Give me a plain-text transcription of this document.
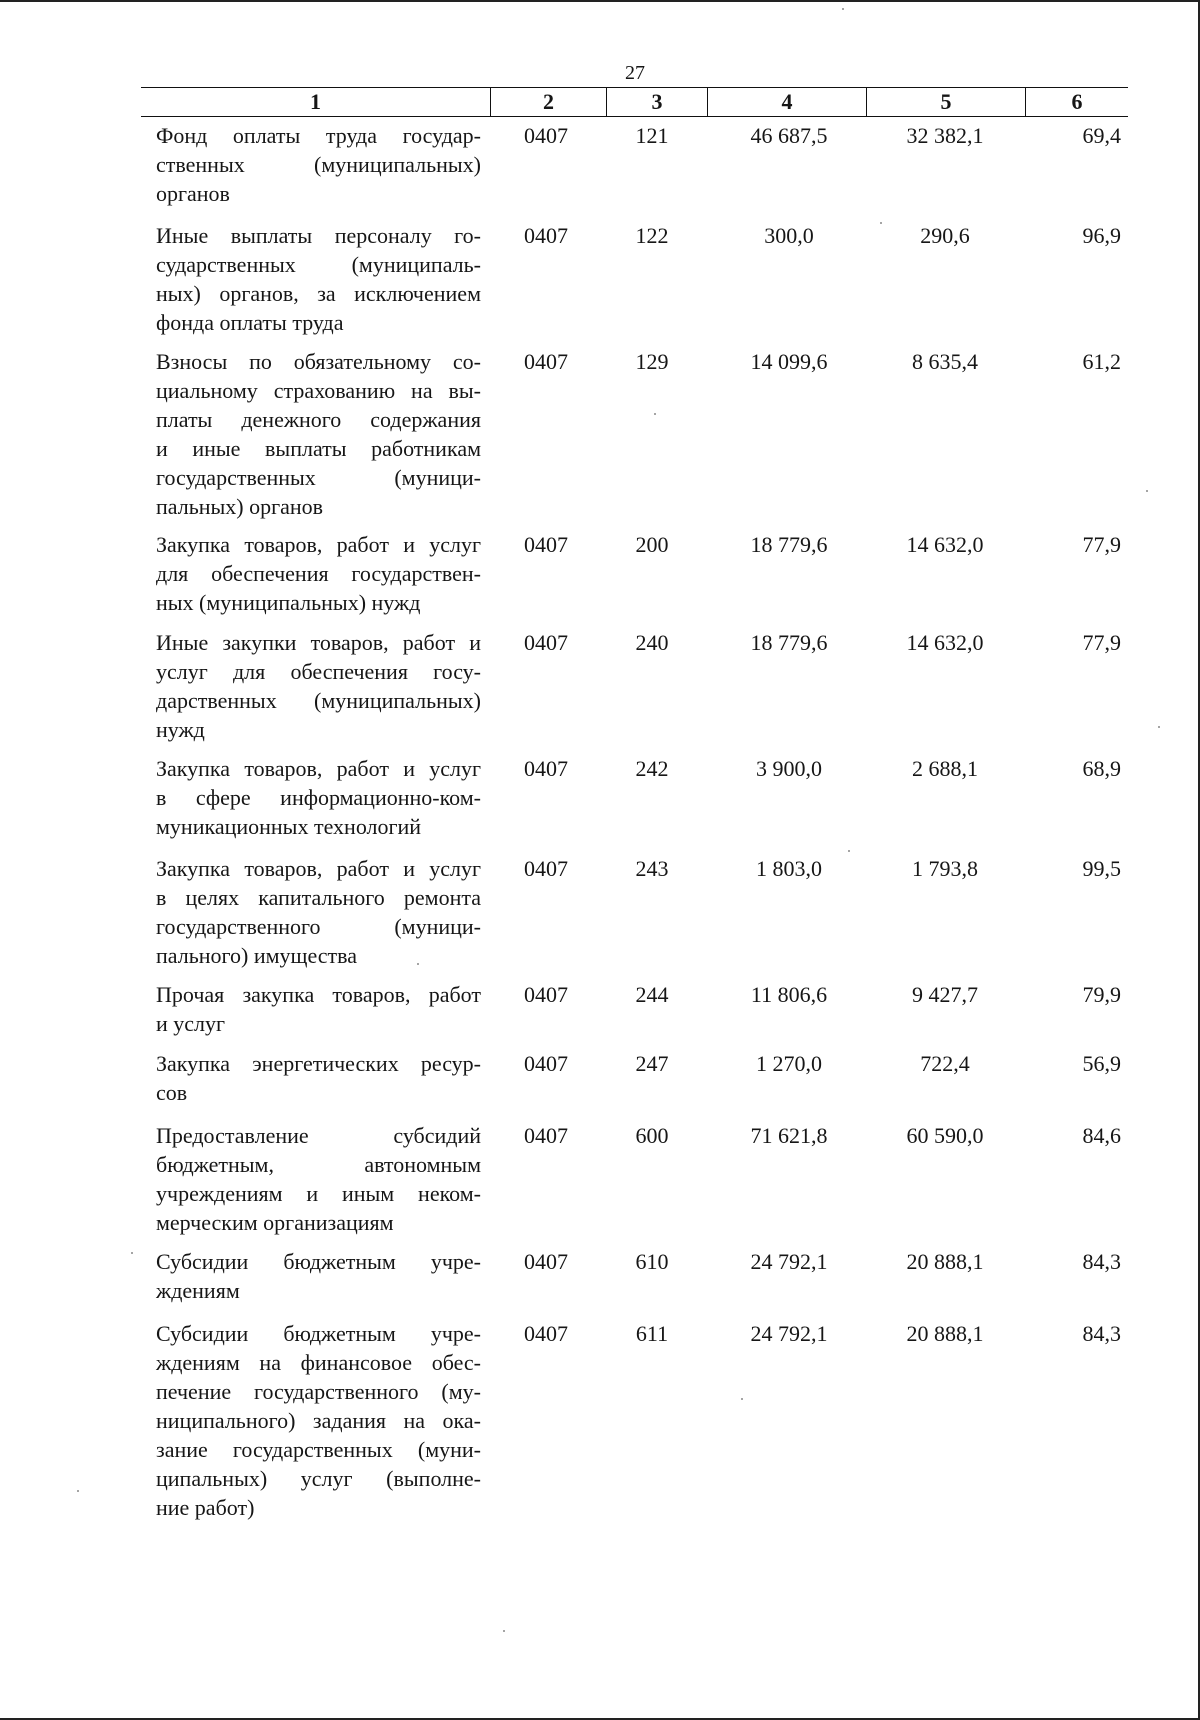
27
1	2	3	4	5	6
Фонд оплаты труда государ-
ственных (муниципальных)
органов
0407	121	46 687,5	32 382,1	69,4
Иные выплаты персоналу го-
сударственных (муниципаль-
ных) органов, за исключением
фонда оплаты труда
0407	122	300,0	290,6	96,9
Взносы по обязательному со-
циальному страхованию на вы-
платы денежного содержания
и иные выплаты работникам
государственных (муници-
пальных) органов
0407	129	14 099,6	8 635,4	61,2
Закупка товаров, работ и услуг
для обеспечения государствен-
ных (муниципальных) нужд
0407	200	18 779,6	14 632,0	77,9
Иные закупки товаров, работ и
услуг для обеспечения госу-
дарственных (муниципальных)
нужд
0407	240	18 779,6	14 632,0	77,9
Закупка товаров, работ и услуг
в сфере информационно-ком-
муникационных технологий
0407	242	3 900,0	2 688,1	68,9
Закупка товаров, работ и услуг
в целях капитального ремонта
государственного (муници-
пального) имущества
0407	243	1 803,0	1 793,8	99,5
Прочая закупка товаров, работ
и услуг
0407	244	11 806,6	9 427,7	79,9
Закупка энергетических ресур-
сов
0407	247	1 270,0	722,4	56,9
Предоставление субсидий
бюджетным, автономным
учреждениям и иным неком-
мерческим организациям
0407	600	71 621,8	60 590,0	84,6
Субсидии бюджетным учре-
ждениям
0407	610	24 792,1	20 888,1	84,3
Субсидии бюджетным учре-
ждениям на финансовое обес-
печение государственного (му-
ниципального) задания на ока-
зание государственных (муни-
ципальных) услуг (выполне-
ние работ)
0407	611	24 792,1	20 888,1	84,3
